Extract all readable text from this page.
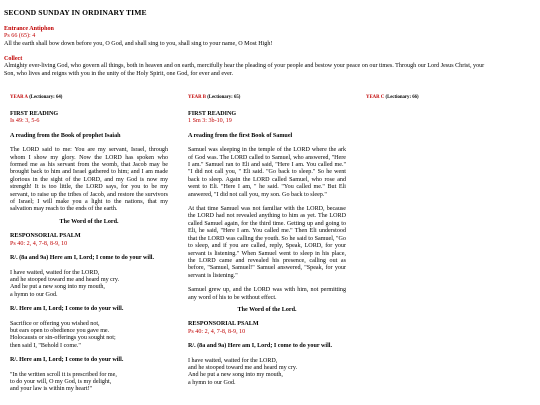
SECOND SUNDAY IN ORDINARY TIME
Entrance Antiphon
Ps 66 (65): 4
All the earth shall bow down before you, O God, and shall sing to you, shall sing to your name, O Most High!
Collect
Almighty ever-living God, who govern all things, both in heaven and on earth, mercifully hear the pleading of your people and bestow your peace on our times. Through our Lord Jesus Christ, your
Son, who lives and reigns with you in the unity of the Holy Spirit, one God, for ever and ever.
YEAR A (Lectionary: 64)
FIRST READING
Is 49: 3, 5-6
A reading from the Book of prophet Isaiah

The LORD said to me: You are my servant, Israel, through whom I show my glory. Now the LORD has spoken who formed me as his servant from the womb, that Jacob may be brought back to him and Israel gathered to him; and I am made glorious in the sight of the LORD, and my God is now my strength! It is too little, the LORD says, for you to be my servant, to raise up the tribes of Jacob, and restore the survivors of Israel; I will make you a light to the nations, that my salvation may reach to the ends of the earth.

The Word of the Lord.
RESPONSORIAL PSALM
Ps 40: 2, 4, 7-8, 8-9, 10
R/. (8a and 9a) Here am I, Lord; I come to do your will.
I have waited, waited for the LORD,
and he stooped toward me and heard my cry.
And he put a new song into my mouth,
a hymn to our God.
R/. Here am I, Lord; I come to do your will.
Sacrifice or offering you wished not,
but ears open to obedience you gave me.
Holocausts or sin-offerings you sought not;
then said I, "Behold I come."
R/. Here am I, Lord; I come to do your will.
"In the written scroll it is prescribed for me,
to do your will, O my God, is my delight,
and your law is within my heart!"
YEAR B (Lectionary: 65)
FIRST READING
1 Sm 3: 3b-10, 19
A reading from the first Book of Samuel

Samuel was sleeping in the temple of the LORD where the ark of God was. The LORD called to Samuel, who answered, "Here I am." Samuel ran to Eli and said, "Here I am. You called me." "I did not call you, " Eli said. "Go back to sleep." So he went back to sleep. Again the LORD called Samuel, who rose and went to Eli. "Here I am, " he said. "You called me." But Eli answered, "I did not call you, my son. Go back to sleep."

At that time Samuel was not familiar with the LORD, because the LORD had not revealed anything to him as yet. The LORD called Samuel again, for the third time. Getting up and going to Eli, he said, "Here I am. You called me." Then Eli understood that the LORD was calling the youth. So he said to Samuel, "Go to sleep, and if you are called, reply, Speak, LORD, for your servant is listening." When Samuel went to sleep in his place, the LORD came and revealed his presence, calling out as before, "Samuel, Samuel!" Samuel answered, "Speak, for your servant is listening."

Samuel grew up, and the LORD was with him, not permitting any word of his to be without effect.

The Word of the Lord.
RESPONSORIAL PSALM
Ps 40: 2, 4, 7-8, 8-9, 10
R/. (8a and 9a) Here am I, Lord; I come to do your will.
I have waited, waited for the LORD,
and he stooped toward me and heard my cry.
And he put a new song into my mouth,
a hymn to our God.
YEAR C (Lectionary: 66)
